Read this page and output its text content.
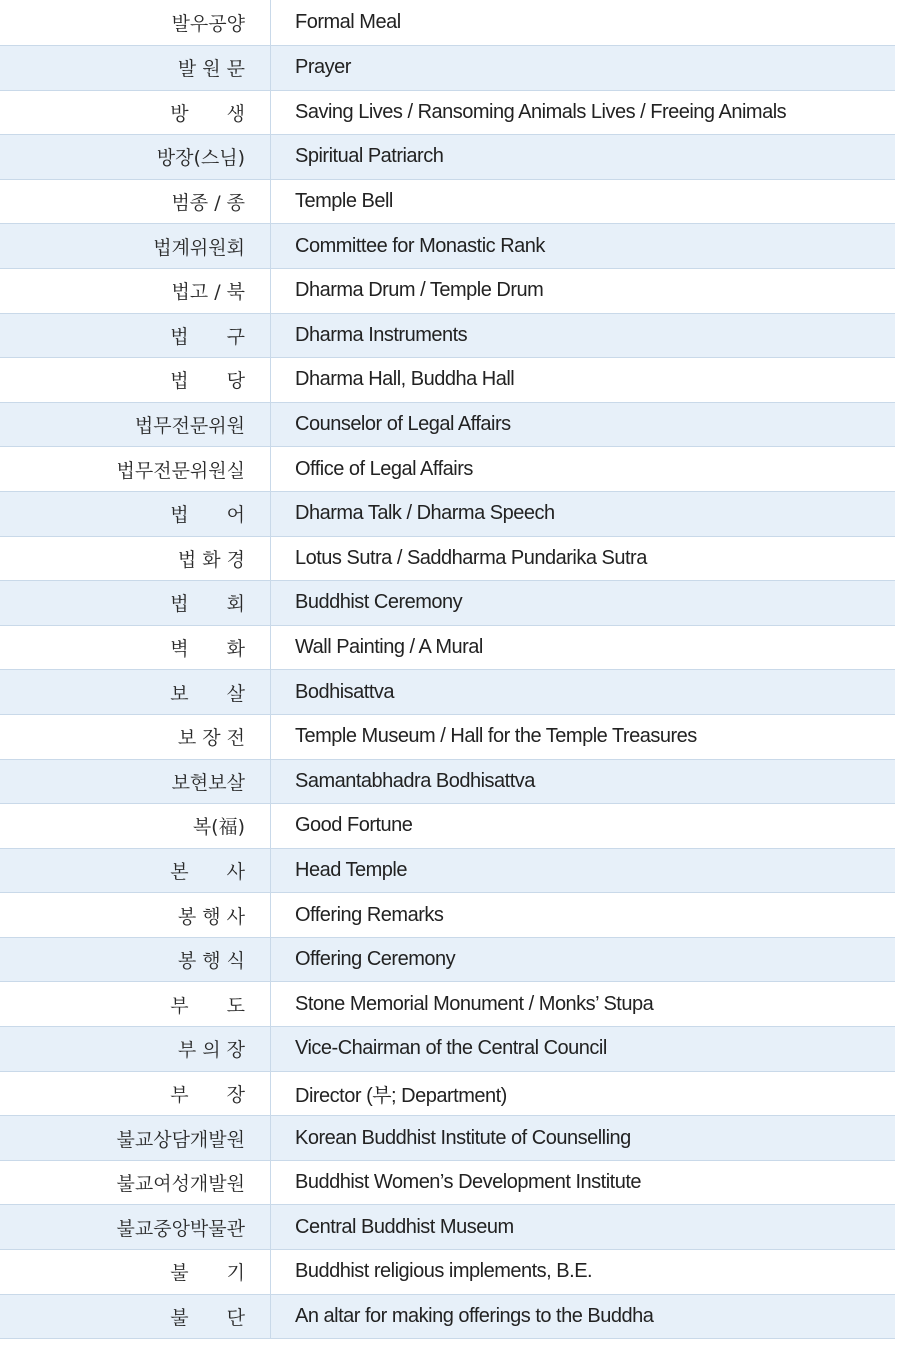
발우공양	Formal Meal
발 원 문	Prayer
방　　생	Saving Lives / Ransoming Animals Lives / Freeing Animals
방장(스님)	Spiritual Patriarch
범종 / 종	Temple Bell
법계위원회	Committee for Monastic Rank
법고 / 북	Dharma Drum / Temple Drum
법　　구	Dharma Instruments
법　　당	Dharma Hall, Buddha Hall
법무전문위원	Counselor of Legal Affairs
법무전문위원실	Office of Legal Affairs
법　　어	Dharma Talk / Dharma Speech
법 화 경	Lotus Sutra / Saddharma Pundarika Sutra
법　　회	Buddhist Ceremony
벽　　화	Wall Painting / A Mural
보　　살	Bodhisattva
보 장 전	Temple Museum / Hall for the Temple Treasures
보현보살	Samantabhadra Bodhisattva
복(福)	Good Fortune
본　　사	Head Temple
봉 행 사	Offering Remarks
봉 행 식	Offering Ceremony
부　　도	Stone Memorial Monument / Monks’ Stupa
부 의 장	Vice-Chairman of the Central Council
부　　장	Director (부; Department)
불교상담개발원	Korean Buddhist Institute of Counselling
불교여성개발원	Buddhist Women’s Development Institute
불교중앙박물관	Central Buddhist Museum
불　　기	Buddhist religious implements, B.E.
불　　단	An altar for making offerings to the Buddha
